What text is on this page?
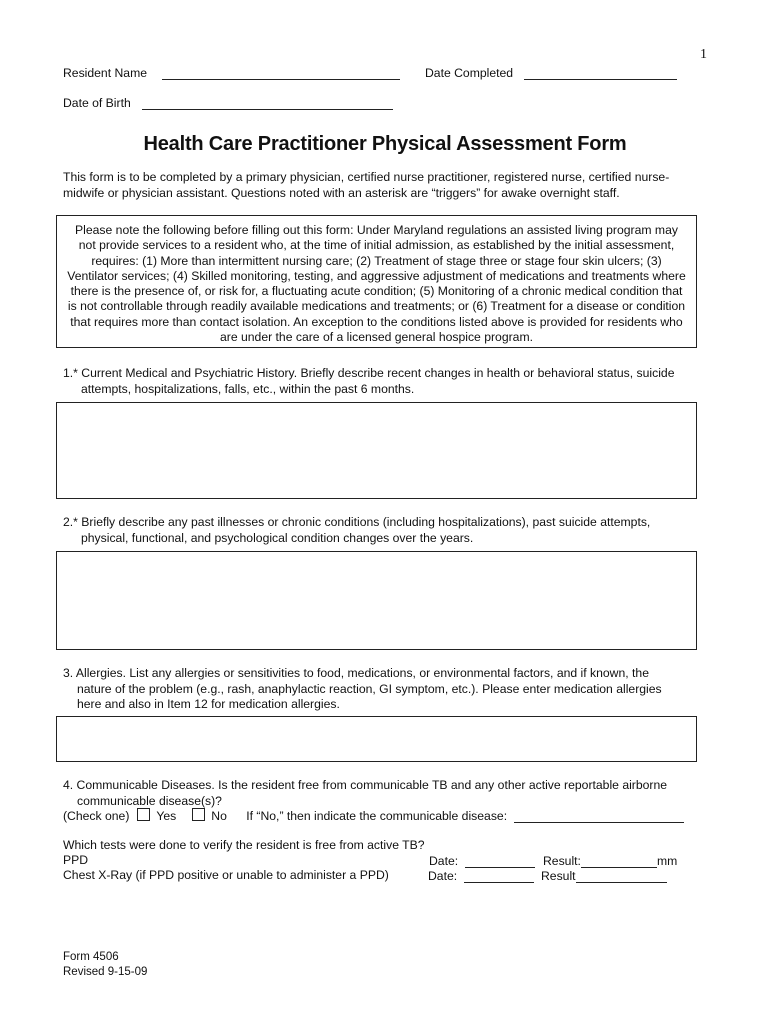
1
Resident Name	Date Completed
Date of Birth
Health Care Practitioner Physical Assessment Form
This form is to be completed by a primary physician, certified nurse practitioner, registered nurse, certified nurse-midwife or physician assistant. Questions noted with an asterisk are “triggers” for awake overnight staff.
Please note the following before filling out this form: Under Maryland regulations an assisted living program may not provide services to a resident who, at the time of initial admission, as established by the initial assessment, requires: (1) More than intermittent nursing care; (2) Treatment of stage three or stage four skin ulcers; (3) Ventilator services; (4) Skilled monitoring, testing, and aggressive adjustment of medications and treatments where there is the presence of, or risk for, a fluctuating acute condition; (5) Monitoring of a chronic medical condition that is not controllable through readily available medications and treatments; or (6) Treatment for a disease or condition that requires more than contact isolation. An exception to the conditions listed above is provided for residents who are under the care of a licensed general hospice program.
1.* Current Medical and Psychiatric History. Briefly describe recent changes in health or behavioral status, suicide
attempts, hospitalizations, falls, etc., within the past 6 months.
2.* Briefly describe any past illnesses or chronic conditions (including hospitalizations), past suicide attempts,
physical, functional, and psychological condition changes over the years.
3. Allergies. List any allergies or sensitivities to food, medications, or environmental factors, and if known, the
nature of the problem (e.g., rash, anaphylactic reaction, GI symptom, etc.). Please enter medication allergies
here and also in Item 12 for medication allergies.
4. Communicable Diseases. Is the resident free from communicable TB and any other active reportable airborne
communicable disease(s)?
(Check one) Yes	No If “No,” then indicate the communicable disease:
Which tests were done to verify the resident is free from active TB?
PPD	Date:	Result:	mm
Chest X-Ray (if PPD positive or unable to administer a PPD)	Date:	Result
Form 4506
Revised 9-15-09
